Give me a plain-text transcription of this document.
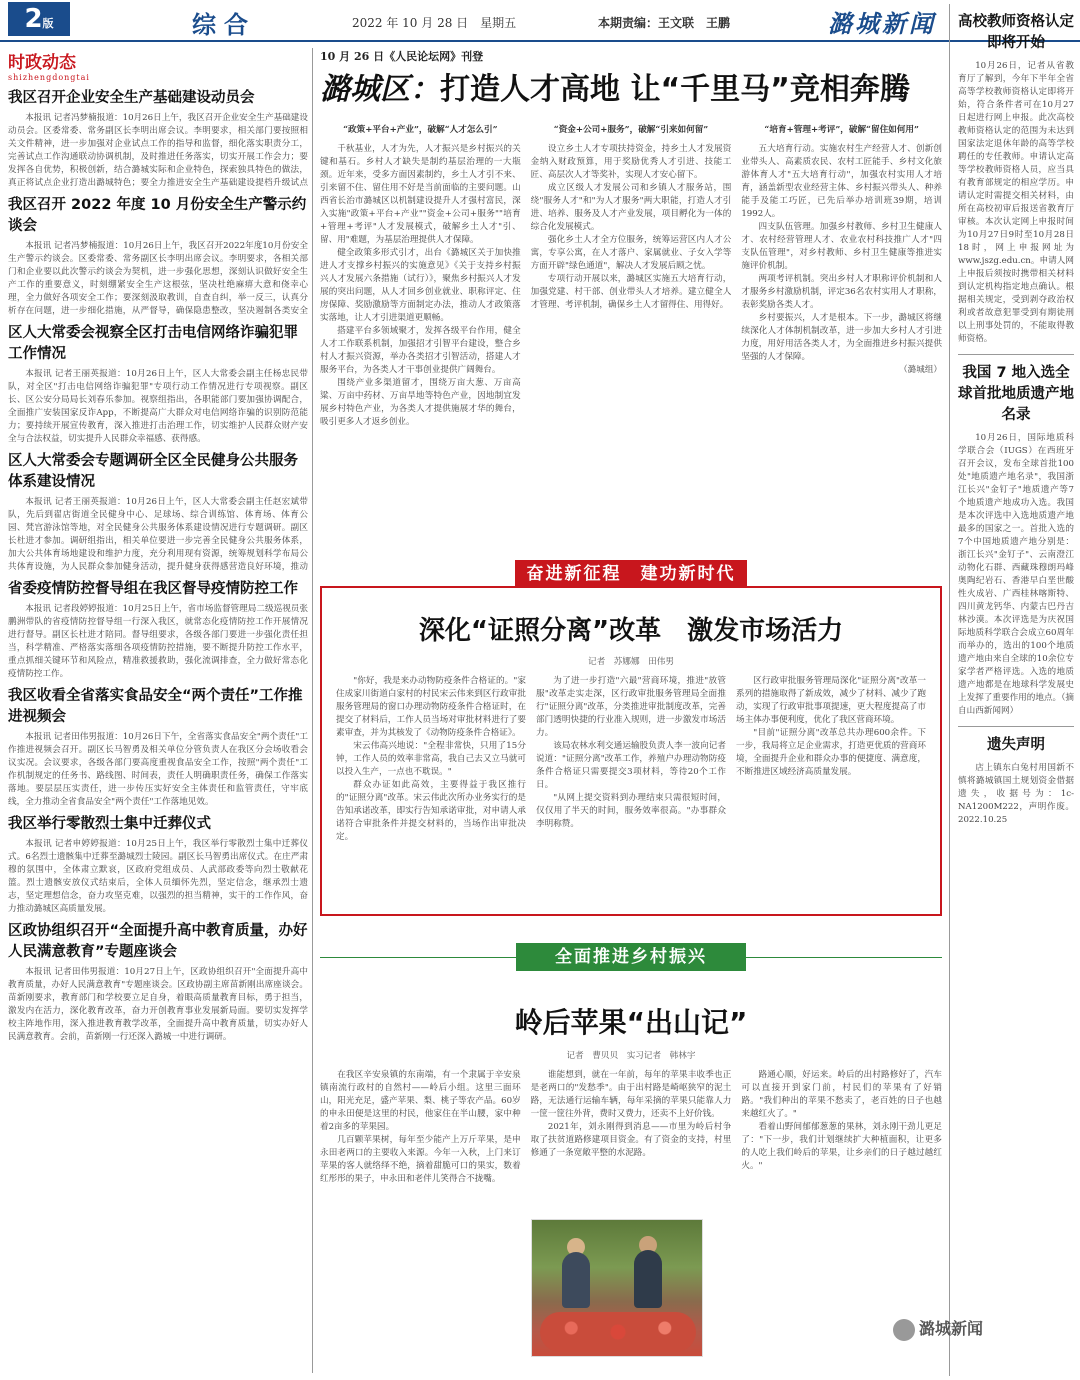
2版	综合	2022 年 10 月 28 日　星期五	本期责编：王文联　王鹏	潞城新闻
时政动态
shizhengdongtai
我区召开企业安全生产基础建设动员会

本报讯 记者冯梦楠报道：10月26日上午，我区召开企业安全生产基础建设动员会。区委常委、常务副区长李明出席会议。李明要求，相关部门要按照相关文件精神，进一步加强对企业试点工作的指导和监督，细化落实职责分工，完善试点工作沟通联动协调机制，及时推进任务落实，切实开展工作会力；要发挥各自优势，积极创新，结合潞城实际和企业特色，探索独具特色的做法，真正将试点企业打造出潞城特色；要全力推进安全生产基础建设提档升级试点

我区召开 2022 年度 10 月份安全生产警示约谈会

本报讯 记者冯梦楠报道：10月26日上午，我区召开2022年度10月份安全生产警示约谈会。区委常委、常务副区长李明出席会议。李明要求，各相关部门和企业要以此次警示约谈会为契机，进一步强化思想，深刻认识做好安全生产工作的重要意义，时刻绷紧安全生产这根弦，坚决杜绝麻痹大意和侥幸心理，全力做好各项安全工作；要深刻汲取教训，自查自纠，举一反三，认真分析存在问题，进一步细化措施，从严督导，确保隐患整改，坚决遏制各类安全

区人大常委会视察全区打击电信网络诈骗犯罪工作情况

本报讯 记者王丽英报道：10月26日上午，区人大常委会副主任杨忠民带队，对全区"打击电信网络诈骗犯罪"专项行动工作情况进行专项视察。副区长、区公安分局局长刘春乐参加。视察组指出，各职能部门要加强协调配合，全面推广安装国家反诈App，不断提高广大群众对电信网络诈骗的识别防范能力；要持续开展宣传教育，深入推进打击治理工作，切实维护人民群众财产安全与合法权益，切实提升人民群众幸福感、获得感。

区人大常委会专题调研全区全民健身公共服务体系建设情况

本报讯 记者王丽英报道：10月26日上午，区人大常委会副主任赵宏斌带队，先后到翟店街道全民健身中心、足球场、综合训练馆、体育场、体育公园、梵宫游泳馆等地，对全民健身公共服务体系建设情况进行专题调研。副区长杜进才参加。调研组指出，相关单位要进一步完善全民健身公共服务体系，加大公共体育场地建设和维护力度，充分利用现有资源，统筹规划科学布局公共体育设施，为人民群众参加健身活动，提升健身获得感营造良好环境，推动

省委疫情防控督导组在我区督导疫情防控工作

本报讯 记者段婷婷报道：10月25日上午，省市场监督管理局二级巡视员张鹏洲带队的省疫情防控督导组一行深入我区，就常态化疫情防控工作开展情况进行督导。副区长杜进才陪同。督导组要求，各级各部门要进一步强化责任担当，科学精准、严格落实落细各项疫情防控措施，要不断提升防控工作水平，重点抓细关键环节和风险点，精准救援救助，强化流调排查，全力做好常态化疫情防控工作。

我区收看全省落实食品安全“两个责任”工作推进视频会

本报讯 记者田伟男报道：10月26日下午，全省落实食品安全"两个责任"工作推进视频会召开。副区长马智勇及相关单位分管负责人在我区分会场收看会议实况。会议要求，各级各部门要高度重视食品安全工作，按照"两个责任"工作机制规定的任务书、路线图、时间表，责任人明确职责任务，确保工作落实落地。要层层压实责任，进一步传压实好安全主体责任和监管责任，守牢底线，全力推动全省食品安全"两个责任"工作落地见效。

我区举行零散烈士集中迁葬仪式

本报讯 记者申婷婷报道：10月25日上午，我区举行零散烈士集中迁葬仪式。6名烈士遗骸集中迁葬至潞城烈士陵园。副区长马智勇出席仪式。在庄严肃穆的氛围中，全体肃立默哀，区政府党组成员、人武部政委等向烈士敬献花篮。烈士遗骸安放仪式结束后，全体人员缅怀先烈，坚定信念，继承烈士遗志，坚定理想信念，奋力攻坚克难，以强烈的担当精神，实干的工作作风，奋力推动潞城区高质量发展。

区政协组织召开“全面提升高中教育质量，办好人民满意教育”专题座谈会

本报讯 记者田伟男报道：10月27日上午，区政协组织召开"全面提升高中教育质量，办好人民满意教育"专题座谈会。区政协副主席苗新刚出席座谈会。苗新刚要求，教育部门和学校要立足自身，着眼高质量教育目标，勇于担当，激发内在活力，深化教育改革，奋力开创教育事业发展新局面。要切实发挥学校主阵地作用，深入推进教育教学改革，全面提升高中教育质量，切实办好人民满意教育。会前，苗新刚一行还深入潞城一中进行调研。

10 月 26 日《人民论坛网》刊登
潞城区：打造人才高地 让“千里马”竞相奔腾
“政策+平台+产业”，破解“人才怎么引”

千秋基业，人才为先，人才振兴是乡村振兴的关键和基石。乡村人才缺失是制约基层治理的一大瓶颈。近年来，受多方面因素制约，乡土人才引不来、引来留不住、留住用不好是当前面临的主要问题。山西省长治市潞城区以机制建设提升人才强村富民，深入实施"政策+平台+产业""资金+公司+服务""培育+管理+考评"人才发展模式，破解乡土人才"引、留、用"难题，为基层治理提供人才保障。

健全政策多形式引才，出台《潞城区关于加快推进人才支撑乡村振兴的实施意见》《关于支持乡村振兴人才发展六条措施（试行）》，聚焦乡村振兴人才发展的突出问题，从人才回乡创业就业、职称评定、住房保障、奖励激励等方面制定办法，推动人才政策落实落地，让人才引进渠道更顺畅。

搭建平台多领域聚才，发挥各级平台作用，健全人才工作联系机制，加强招才引智平台建设，整合乡村人才振兴资源，举办各类招才引智活动，搭建人才服务平台，为各类人才干事创业提供广阔舞台。

围绕产业多渠道留才，围绕万亩大葱、万亩高粱、万亩中药材、万亩旱地等特色产业，因地制宜发展乡村特色产业，为各类人才提供施展才华的舞台，吸引更多人才返乡创业。

“资金+公司+服务”，破解“引来如何留”

设立乡土人才专项扶持资金，持乡土人才发展资金纳入财政预算，用于奖励优秀人才引进、技能工匠、高层次人才等奖补，实现人才安心留下。

成立区级人才发展公司和乡镇人才服务站，围绕"服务人才"和"为人才服务"两大职能，打造人才引进、培养、服务及人才产业发展，项目孵化为一体的综合化发展模式。

强化乡土人才全方位服务，统筹运营区内人才公寓，专享公寓，在人才落户、家属就业、子女入学等方面开辟"绿色通道"，解决人才发展后顾之忧。

专项行动开展以来，潞城区实施五大培育行动，加强党建、村干部、创业带头人才培养。建立健全人才管理、考评机制，确保乡土人才留得住、用得好。

“培育+管理+考评”，破解“留住如何用”

五大培育行动。实施农村生产经营人才、创新创业带头人、高素质农民、农村工匠能手、乡村文化旅游体育人才"五大培育行动"，加强农村实用人才培育，涵盖新型农业经营主体、乡村振兴带头人、种养能手及能工巧匠，已先后举办培训班39期，培训1992人。

四支队伍管理。加强乡村教师、乡村卫生健康人才、农村经营管理人才、农业农村科技推广人才"四支队伍管理"，对乡村教师、乡村卫生健康等推进实施评价机制。

两项考评机制。突出乡村人才职称评价机制和人才服务乡村激励机制，评定36名农村实用人才职称，表彰奖励各类人才。

乡村要振兴，人才是根本。下一步，潞城区将继续深化人才体制机制改革，进一步加大乡村人才引进力度，用好用活各类人才，为全面推进乡村振兴提供坚强的人才保障。

（潞城组）

奋进新征程　建功新时代
深化“证照分离”改革　激发市场活力
记者　苏娜娜　田伟男

"你好，我是来办动物防疫条件合格证的。"家住成家川街道白家村的村民宋云伟来到区行政审批服务管理局的窗口办理动物防疫条件合格证时，在提交了材料后，工作人员当场对审批材料进行了要素审查，并为其核发了《动物防疫条件合格证》。

宋云伟高兴地说："全程非常快，只用了15分钟，工作人员的效率非常高，我自己去又立马就可以投入生产，一点也不耽误。"

群众办证如此高效，主要得益于我区推行的"证照分离"改革。宋云伟此次所办业务实行的是告知承诺改革，即实行告知承诺审批，对申请人承诺符合审批条件并提交材料的，当场作出审批决定。

为了进一步打造"六最"营商环境，推进"放管服"改革走实走深，区行政审批服务管理局全面推行"证照分离"改革，分类推进审批制度改革，完善部门透明快捷的行业准入规则，进一步激发市场活力。

该局农林水利交通运输股负责人李一波向记者说道："证照分离"改革工作，养殖户办理动物防疫条件合格证只需要提交3项材料，等待20个工作日。

"从网上提交资料到办理结束只需很短时间，仅仅用了半天的时间，服务效率很高。"办事群众李明称赞。

区行政审批服务管理局深化"证照分离"改革一系列的措施取得了新成效，减少了材料、减少了跑动，实现了行政审批事项提速，更大程度提高了市场主体办事便利度，优化了我区营商环境。

"目前"证照分离"改革总共办理600余件。下一步，我局将立足企业需求，打造更优质的营商环境，全面提升企业和群众办事的便捷度、满意度，不断推进区域经济高质量发展。

全面推进乡村振兴
岭后苹果“出山记”
记者　曹贝贝　实习记者　韩林宇

在我区辛安泉镇的东南端，有一个隶属于辛安泉镇南流行政村的自然村——岭后小组。这里三面环山，阳光充足，盛产苹果、梨、桃子等农产品。60岁的申永田便是这里的村民，他家住在半山腰，家中种着2亩多的苹果园。

几百颗苹果树，每年至少能产上万斤苹果，是申永田老两口的主要收入来源。今年一入秋，上门来订苹果的客人就络绎不绝，摘着甜脆可口的果实，数着红彤彤的果子，申永田和老伴儿笑得合不拢嘴。

谁能想到，就在一年前，每年的苹果丰收季也正是老两口的"发愁季"。由于出村路是崎岖狭窄的泥土路，无法通行运输车辆，每年采摘的苹果只能靠人力一筐一筐往外背，费时又费力，还卖不上好价钱。

2021年，刘永刚得到消息——市里为岭后村争取了扶贫道路修建项目资金。有了资金的支持，村里修通了一条宽敞平整的水泥路。

路通心顺，好运来。岭后的出村路修好了，汽车可以直接开到家门前，村民们的苹果有了好销路。"我们种出的苹果不愁卖了，老百姓的日子也越来越红火了。"

看着山野间郁郁葱葱的果林，刘永刚干劲儿更足了："下一步，我们计划继续扩大种植面积，让更多的人吃上我们岭后的苹果，让乡亲们的日子越过越红火。"

高校教师资格认定即将开始

10月26日，记者从省教育厅了解到，今年下半年全省高等学校教师资格认定即将开始，符合条件者可在10月27日起进行网上申报。此次高校教师资格认定的范围为未达到国家法定退休年龄的高等学校聘任的专任教师。申请认定高等学校教师资格人员，应当具有教育部规定的相应学历。申请认定时需提交相关材料，由所在高校初审后报送省教育厅审核。本次认定网上申报时间为10月27日9时至10月28日18时，网上申报网址为www.jszg.edu.cn。申请人网上申报后须按时携带相关材料到认定机构指定地点确认。根据相关规定，受到剥夺政治权利或者故意犯罪受到有期徒刑以上刑事处罚的，不能取得教师资格。

我国 7 地入选全球首批地质遗产地名录

10月26日，国际地质科学联合会（IUGS）在西班牙召开会议，发布全球首批100处"地质遗产地名录"，我国浙江长兴"金钉子"地质遗产等7个地质遗产地成功入选。我国是本次评选中入选地质遗产地最多的国家之一。首批入选的7个中国地质遗产地分别是：浙江长兴"金钉子"、云南澄江动物化石群、西藏珠穆朗玛峰奥陶纪岩石、香港早白垩世酸性火成岩、广西桂林喀斯特、四川黄龙钙华、内蒙古巴丹吉林沙漠。本次评选是为庆祝国际地质科学联合会成立60周年而举办的，选出的100个地质遗产地由来自全球的10余位专家学者严格评选。入选的地质遗产地都是在地球科学发展史上发挥了重要作用的地点。（摘自山西新闻网）

遗失声明

店上镇东白兔村用国新不慎将潞城镇国土规划资金借据遗失，收据号为：1c-NA1200M222，声明作废。2022.10.25

潞城新闻
